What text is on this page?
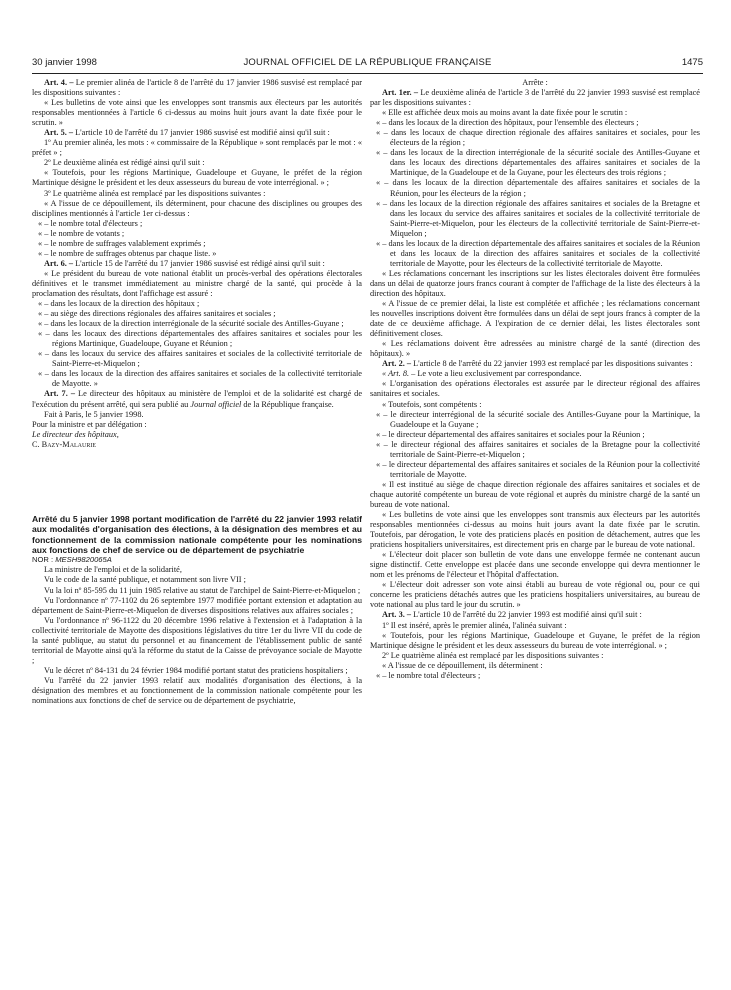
30 janvier 1998	JOURNAL OFFICIEL DE LA RÉPUBLIQUE FRANÇAISE	1475

Art. 4. – Le premier alinéa de l'article 8 de l'arrêté du 17 janvier 1986 susvisé est remplacé par les dispositions suivantes :

« Les bulletins de vote ainsi que les enveloppes sont transmis aux électeurs par les autorités responsables mentionnées à l'article 6 ci-dessus au moins huit jours avant la date fixée pour le scrutin. »

Art. 5. – L'article 10 de l'arrêté du 17 janvier 1986 susvisé est modifié ainsi qu'il suit :

1º Au premier alinéa, les mots : « commissaire de la République » sont remplacés par le mot : « préfet » ;

2º Le deuxième alinéa est rédigé ainsi qu'il suit :

« Toutefois, pour les régions Martinique, Guadeloupe et Guyane, le préfet de la région Martinique désigne le président et les deux assesseurs du bureau de vote interrégional. » ;

3º Le quatrième alinéa est remplacé par les dispositions suivantes :

« A l'issue de ce dépouillement, ils déterminent, pour chacune des disciplines ou groupes des disciplines mentionnés à l'article 1er ci-dessus :

« – le nombre total d'électeurs ;

« – le nombre de votants ;

« – le nombre de suffrages valablement exprimés ;

« – le nombre de suffrages obtenus par chaque liste. »

Art. 6. – L'article 15 de l'arrêté du 17 janvier 1986 susvisé est rédigé ainsi qu'il suit :

« Le président du bureau de vote national établit un procès-verbal des opérations électorales définitives et le transmet immédiatement au ministre chargé de la santé, qui procède à la proclamation des résultats, dont l'affichage est assuré :

« – dans les locaux de la direction des hôpitaux ;

« – au siège des directions régionales des affaires sanitaires et sociales ;

« – dans les locaux de la direction interrégionale de la sécurité sociale des Antilles-Guyane ;

« – dans les locaux des directions départementales des affaires sanitaires et sociales pour les régions Martinique, Guadeloupe, Guyane et Réunion ;

« – dans les locaux du service des affaires sanitaires et sociales de la collectivité territoriale de Saint-Pierre-et-Miquelon ;

« – dans les locaux de la direction des affaires sanitaires et sociales de la collectivité territoriale de Mayotte. »

Art. 7. – Le directeur des hôpitaux au ministère de l'emploi et de la solidarité est chargé de l'exécution du présent arrêté, qui sera publié au Journal officiel de la République française.

Fait à Paris, le 5 janvier 1998.

Pour la ministre et par délégation :

Le directeur des hôpitaux,

C. Bazy-Malaurie

Arrêté du 5 janvier 1998 portant modification de l'arrêté du 22 janvier 1993 relatif aux modalités d'organisation des élections, à la désignation des membres et au fonctionnement de la commission nationale compétente pour les nominations aux fonctions de chef de service ou de département de psychiatrie

NOR : MESH9820065A

La ministre de l'emploi et de la solidarité,

Vu le code de la santé publique, et notamment son livre VII ;

Vu la loi nº 85-595 du 11 juin 1985 relative au statut de l'archipel de Saint-Pierre-et-Miquelon ;

Vu l'ordonnance nº 77-1102 du 26 septembre 1977 modifiée portant extension et adaptation au département de Saint-Pierre-et-Miquelon de diverses dispositions relatives aux affaires sociales ;

Vu l'ordonnance nº 96-1122 du 20 décembre 1996 relative à l'extension et à l'adaptation à la collectivité territoriale de Mayotte des dispositions législatives du titre 1er du livre VII du code de la santé publique, au statut du personnel et au financement de l'établissement public de santé territorial de Mayotte ainsi qu'à la réforme du statut de la Caisse de prévoyance sociale de Mayotte ;

Vu le décret nº 84-131 du 24 février 1984 modifié portant statut des praticiens hospitaliers ;

Vu l'arrêté du 22 janvier 1993 relatif aux modalités d'organisation des élections, à la désignation des membres et au fonctionnement de la commission nationale compétente pour les nominations aux fonctions de chef de service ou de département de psychiatrie,

Arrête :

Art. 1er. – Le deuxième alinéa de l'article 3 de l'arrêté du 22 janvier 1993 susvisé est remplacé par les dispositions suivantes :

« Elle est affichée deux mois au moins avant la date fixée pour le scrutin :

« – dans les locaux de la direction des hôpitaux, pour l'ensemble des électeurs ;

« – dans les locaux de chaque direction régionale des affaires sanitaires et sociales, pour les électeurs de la région ;

« – dans les locaux de la direction interrégionale de la sécurité sociale des Antilles-Guyane et dans les locaux des directions départementales des affaires sanitaires et sociales de la Martinique, de la Guadeloupe et de la Guyane, pour les électeurs des trois régions ;

« – dans les locaux de la direction départementale des affaires sanitaires et sociales de la Réunion, pour les électeurs de la région ;

« – dans les locaux de la direction régionale des affaires sanitaires et sociales de la Bretagne et dans les locaux du service des affaires sanitaires et sociales de la collectivité territoriale de Saint-Pierre-et-Miquelon, pour les électeurs de la collectivité territoriale de Saint-Pierre-et-Miquelon ;

« – dans les locaux de la direction départementale des affaires sanitaires et sociales de la Réunion et dans les locaux de la direction des affaires sanitaires et sociales de la collectivité territoriale de Mayotte, pour les électeurs de la collectivité territoriale de Mayotte.

« Les réclamations concernant les inscriptions sur les listes électorales doivent être formulées dans un délai de quatorze jours francs courant à compter de l'affichage de la liste des électeurs à la direction des hôpitaux.

« A l'issue de ce premier délai, la liste est complétée et affichée ; les réclamations concernant les nouvelles inscriptions doivent être formulées dans un délai de sept jours francs à compter de la date de ce deuxième affichage. A l'expiration de ce dernier délai, les listes électorales sont définitivement closes.

« Les réclamations doivent être adressées au ministre chargé de la santé (direction des hôpitaux). »

Art. 2. – L'article 8 de l'arrêté du 22 janvier 1993 est remplacé par les dispositions suivantes :

« Art. 8. – Le vote a lieu exclusivement par correspondance.

« L'organisation des opérations électorales est assurée par le directeur régional des affaires sanitaires et sociales.

« Toutefois, sont compétents :

« – le directeur interrégional de la sécurité sociale des Antilles-Guyane pour la Martinique, la Guadeloupe et la Guyane ;

« – le directeur départemental des affaires sanitaires et sociales pour la Réunion ;

« – le directeur régional des affaires sanitaires et sociales de la Bretagne pour la collectivité territoriale de Saint-Pierre-et-Miquelon ;

« – le directeur départemental des affaires sanitaires et sociales de la Réunion pour la collectivité territoriale de Mayotte.

« Il est institué au siège de chaque direction régionale des affaires sanitaires et sociales et de chaque autorité compétente un bureau de vote régional et auprès du ministre chargé de la santé un bureau de vote national.

« Les bulletins de vote ainsi que les enveloppes sont transmis aux électeurs par les autorités responsables mentionnées ci-dessus au moins huit jours avant la date fixée par le scrutin. Toutefois, par dérogation, le vote des praticiens placés en position de détachement, autres que les praticiens hospitaliers universitaires, est directement pris en charge par le bureau de vote national.

« L'électeur doit placer son bulletin de vote dans une enveloppe fermée ne contenant aucun signe distinctif. Cette enveloppe est placée dans une seconde enveloppe qui devra mentionner le nom et les prénoms de l'électeur et l'hôpital d'affectation.

« L'électeur doit adresser son vote ainsi établi au bureau de vote régional ou, pour ce qui concerne les praticiens détachés autres que les praticiens hospitaliers universitaires, au bureau de vote national au plus tard le jour du scrutin. »

Art. 3. – L'article 10 de l'arrêté du 22 janvier 1993 est modifié ainsi qu'il suit :

1º Il est inséré, après le premier alinéa, l'alinéa suivant :

« Toutefois, pour les régions Martinique, Guadeloupe et Guyane, le préfet de la région Martinique désigne le président et les deux assesseurs du bureau de vote interrégional. » ;

2º Le quatrième alinéa est remplacé par les dispositions suivantes :

« A l'issue de ce dépouillement, ils déterminent :

« – le nombre total d'électeurs ;
